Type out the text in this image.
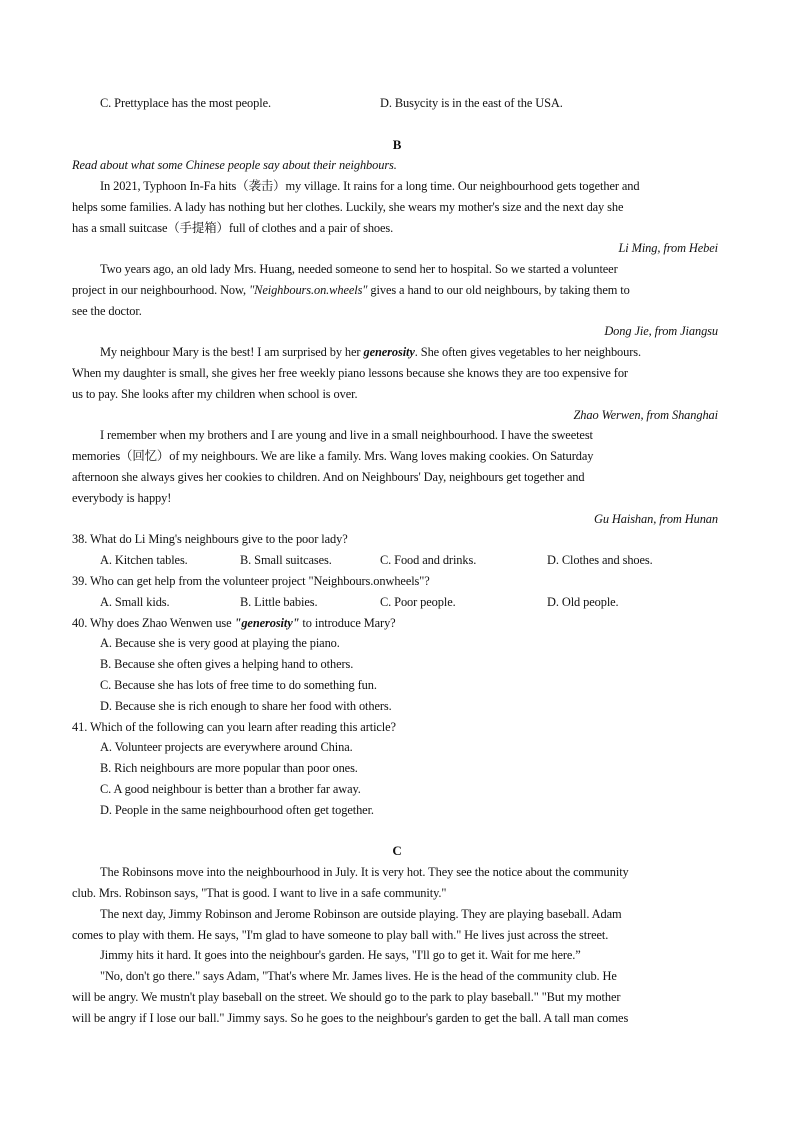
C. Prettyplace has the most people.	D. Busycity is in the east of the USA.
B
Read about what some Chinese people say about their neighbours.
In 2021, Typhoon In-Fa hits（袭击）my village. It rains for a long time. Our neighbourhood gets together and
helps some families. A lady has nothing but her clothes. Luckily, she wears my mother's size and the next day she
has a small suitcase（手提箱）full of clothes and a pair of shoes.
Li Ming, from Hebei
Two years ago, an old lady Mrs. Huang, needed someone to send her to hospital. So we started a volunteer
project in our neighbourhood. Now, "Neighbours.on.wheels" gives a hand to our old neighbours, by taking them to
see the doctor.
Dong Jie, from Jiangsu
My neighbour Mary is the best! I am surprised by her generosity. She often gives vegetables to her neighbours.
When my daughter is small, she gives her free weekly piano lessons because she knows they are too expensive for
us to pay. She looks after my children when school is over.
Zhao Werwen, from Shanghai
I remember when my brothers and I are young and live in a small neighbourhood. I have the sweetest
memories（回忆）of my neighbours. We are like a family. Mrs. Wang loves making cookies. On Saturday
afternoon she always gives her cookies to children. And on Neighbours' Day, neighbours get together and
everybody is happy!
Gu Haishan, from Hunan
38. What do Li Ming's neighbours give to the poor lady?
A. Kitchen tables.	B. Small suitcases.	C. Food and drinks.	D. Clothes and shoes.
39. Who can get help from the volunteer project "Neighbours.onwheels"?
A. Small kids.	B. Little babies.	C. Poor people.	D. Old people.
40. Why does Zhao Wenwen use "generosity" to introduce Mary?
A. Because she is very good at playing the piano.
B. Because she often gives a helping hand to others.
C. Because she has lots of free time to do something fun.
D. Because she is rich enough to share her food with others.
41. Which of the following can you learn after reading this article?
A. Volunteer projects are everywhere around China.
B. Rich neighbours are more popular than poor ones.
C. A good neighbour is better than a brother far away.
D. People in the same neighbourhood often get together.
C
The Robinsons move into the neighbourhood in July. It is very hot. They see the notice about the community
club. Mrs. Robinson says, "That is good. I want to live in a safe community."
The next day, Jimmy Robinson and Jerome Robinson are outside playing. They are playing baseball. Adam
comes to play with them. He says, "I'm glad to have someone to play ball with." He lives just across the street.
Jimmy hits it hard. It goes into the neighbour's garden. He says, "I'll go to get it. Wait for me here.”
"No, don't go there." says Adam, "That's where Mr. James lives. He is the head of the community club. He
will be angry. We mustn't play baseball on the street. We should go to the park to play baseball." "But my mother
will be angry if I lose our ball." Jimmy says. So he goes to the neighbour's garden to get the ball. A tall man comes
